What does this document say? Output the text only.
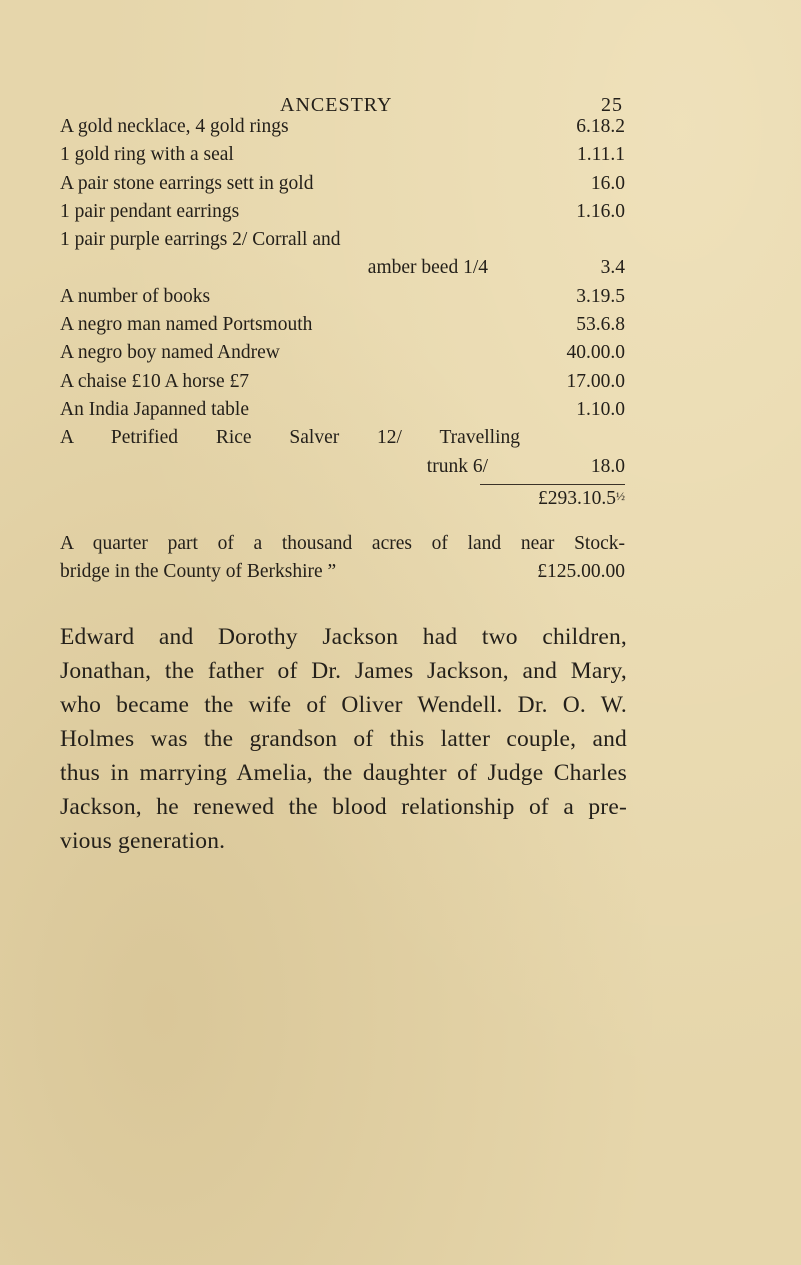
ANCESTRY	25
A gold necklace, 4 gold rings	6.18.2
1 gold ring with a seal	1.11.1
A pair stone earrings sett in gold	16.0
1 pair pendant earrings	1.16.0
1 pair purple earrings 2/ Corrall and
amber beed 1/4	3.4
A number of books	3.19.5
A negro man named Portsmouth	53.6.8
A negro boy named Andrew	40.00.0
A chaise £10 A horse £7	17.00.0
An India Japanned table	1.10.0
A Petrified Rice Salver 12/ Travelling
trunk 6/	18.0
$£293.10.5^{\frac{1}{2}}$
A quarter part of a thousand acres of land near Stock-
bridge in the County of Berkshire ”	£125.00.00
Edward and Dorothy Jackson had two children,
Jonathan, the father of Dr. James Jackson, and Mary,
who became the wife of Oliver Wendell. Dr. O. W.
Holmes was the grandson of this latter couple, and
thus in marrying Amelia, the daughter of Judge Charles
Jackson, he renewed the blood relationship of a pre-
vious generation.
